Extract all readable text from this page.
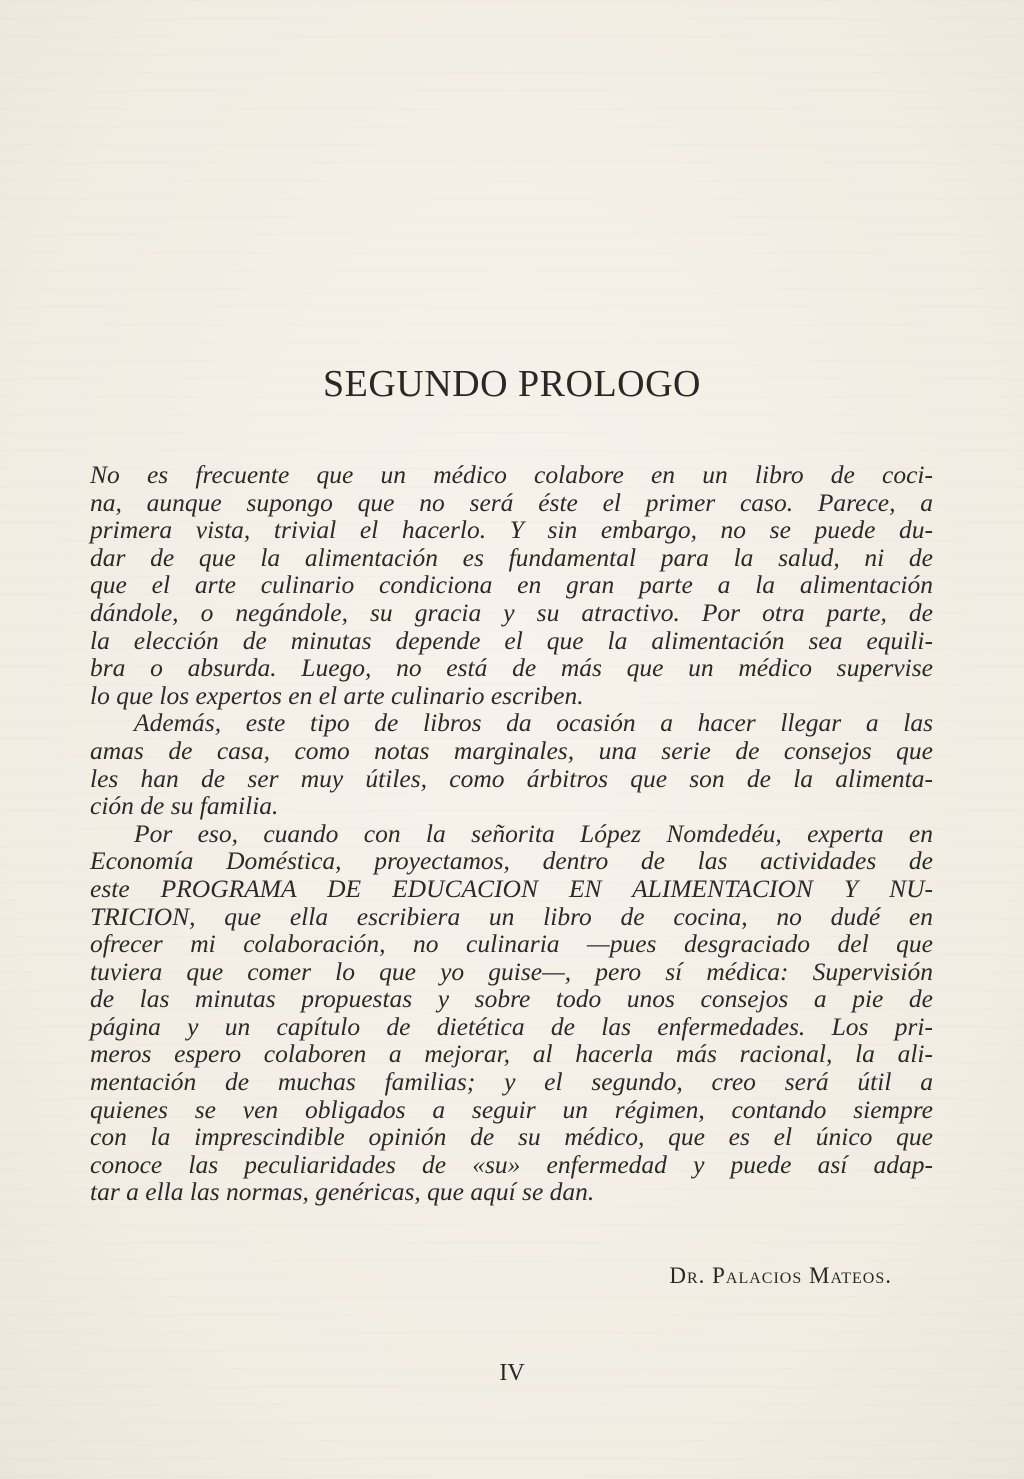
SEGUNDO PROLOGO

No es frecuente que un médico colabore en un libro de coci-
na, aunque supongo que no será éste el primer caso. Parece, a
primera vista, trivial el hacerlo. Y sin embargo, no se puede du-
dar de que la alimentación es fundamental para la salud, ni de
que el arte culinario condiciona en gran parte a la alimentación
dándole, o negándole, su gracia y su atractivo. Por otra parte, de
la elección de minutas depende el que la alimentación sea equili-
bra o absurda. Luego, no está de más que un médico supervise
lo que los expertos en el arte culinario escriben.

Además, este tipo de libros da ocasión a hacer llegar a las
amas de casa, como notas marginales, una serie de consejos que
les han de ser muy útiles, como árbitros que son de la alimenta-
ción de su familia.

Por eso, cuando con la señorita López Nomdedéu, experta en
Economía Doméstica, proyectamos, dentro de las actividades de
este PROGRAMA DE EDUCACION EN ALIMENTACION Y NU-
TRICION, que ella escribiera un libro de cocina, no dudé en
ofrecer mi colaboración, no culinaria —pues desgraciado del que
tuviera que comer lo que yo guise—, pero sí médica: Supervisión
de las minutas propuestas y sobre todo unos consejos a pie de
página y un capítulo de dietética de las enfermedades. Los pri-
meros espero colaboren a mejorar, al hacerla más racional, la ali-
mentación de muchas familias; y el segundo, creo será útil a
quienes se ven obligados a seguir un régimen, contando siempre
con la imprescindible opinión de su médico, que es el único que
conoce las peculiaridades de «su» enfermedad y puede así adap-
tar a ella las normas, genéricas, que aquí se dan.

Dr. Palacios Mateos.

IV
